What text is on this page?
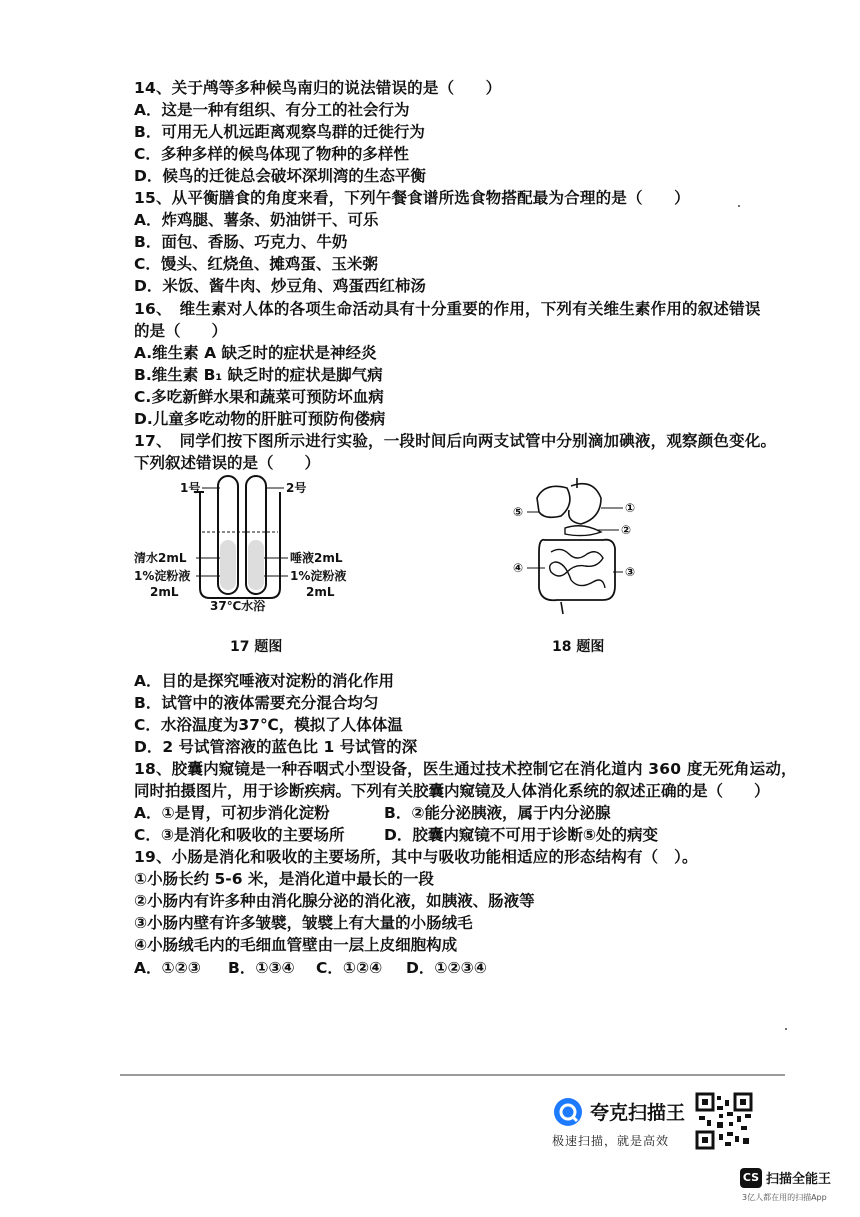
14、关于鸬等多种候鸟南归的说法错误的是（　　）
A．这是一种有组织、有分工的社会行为
B．可用无人机远距离观察鸟群的迁徙行为
C．多种多样的候鸟体现了物种的多样性
D．候鸟的迁徙总会破坏深圳湾的生态平衡
15、从平衡膳食的角度来看，下列午餐食谱所选食物搭配最为合理的是（　　）
A．炸鸡腿、薯条、奶油饼干、可乐
B．面包、香肠、巧克力、牛奶
C．馒头、红烧鱼、摊鸡蛋、玉米粥
D．米饭、酱牛肉、炒豆角、鸡蛋西红柿汤
16、　维生素对人体的各项生命活动具有十分重要的作用，下列有关维生素作用的叙述错误
的是（　　）
A.维生素 A 缺乏时的症状是神经炎
B.维生素 B₁ 缺乏时的症状是脚气病
C.多吃新鲜水果和蔬菜可预防坏血病
D.儿童多吃动物的肝脏可预防佝偻病
17、　同学们按下图所示进行实验，一段时间后向两支试管中分别滴加碘液，观察颜色变化。
下列叙述错误的是（　　）
1号	2号
清水2mL
1%淀粉液
2mL
唾液2mL
1%淀粉液
2mL
37℃水浴
17 题图
①
②
③
④
⑤
18 题图
A．目的是探究唾液对淀粉的消化作用
B．试管中的液体需要充分混合均匀
C．水浴温度为37℃，模拟了人体体温
D．2 号试管溶液的蓝色比 1 号试管的深
18、胶囊内窥镜是一种吞咽式小型设备，医生通过技术控制它在消化道内 360 度无死角运动，
同时拍摄图片，用于诊断疾病。下列有关胶囊内窥镜及人体消化系统的叙述正确的是（　　）
A．①是胃，可初步消化淀粉	B．②能分泌胰液，属于内分泌腺
C．③是消化和吸收的主要场所	D．胶囊内窥镜不可用于诊断⑤处的病变
19、小肠是消化和吸收的主要场所，其中与吸收功能相适应的形态结构有（　）。
①小肠长约 5-6 米，是消化道中最长的一段
②小肠内有许多种由消化腺分泌的消化液，如胰液、肠液等
③小肠内壁有许多皱襞，皱襞上有大量的小肠绒毛
④小肠绒毛内的毛细血管壁由一层上皮细胞构成
A．①②③ B．①③④ C．①②④ D．①②③④
夸克扫描王
极速扫描，就是高效
CS 扫描全能王
3亿人都在用的扫描App
